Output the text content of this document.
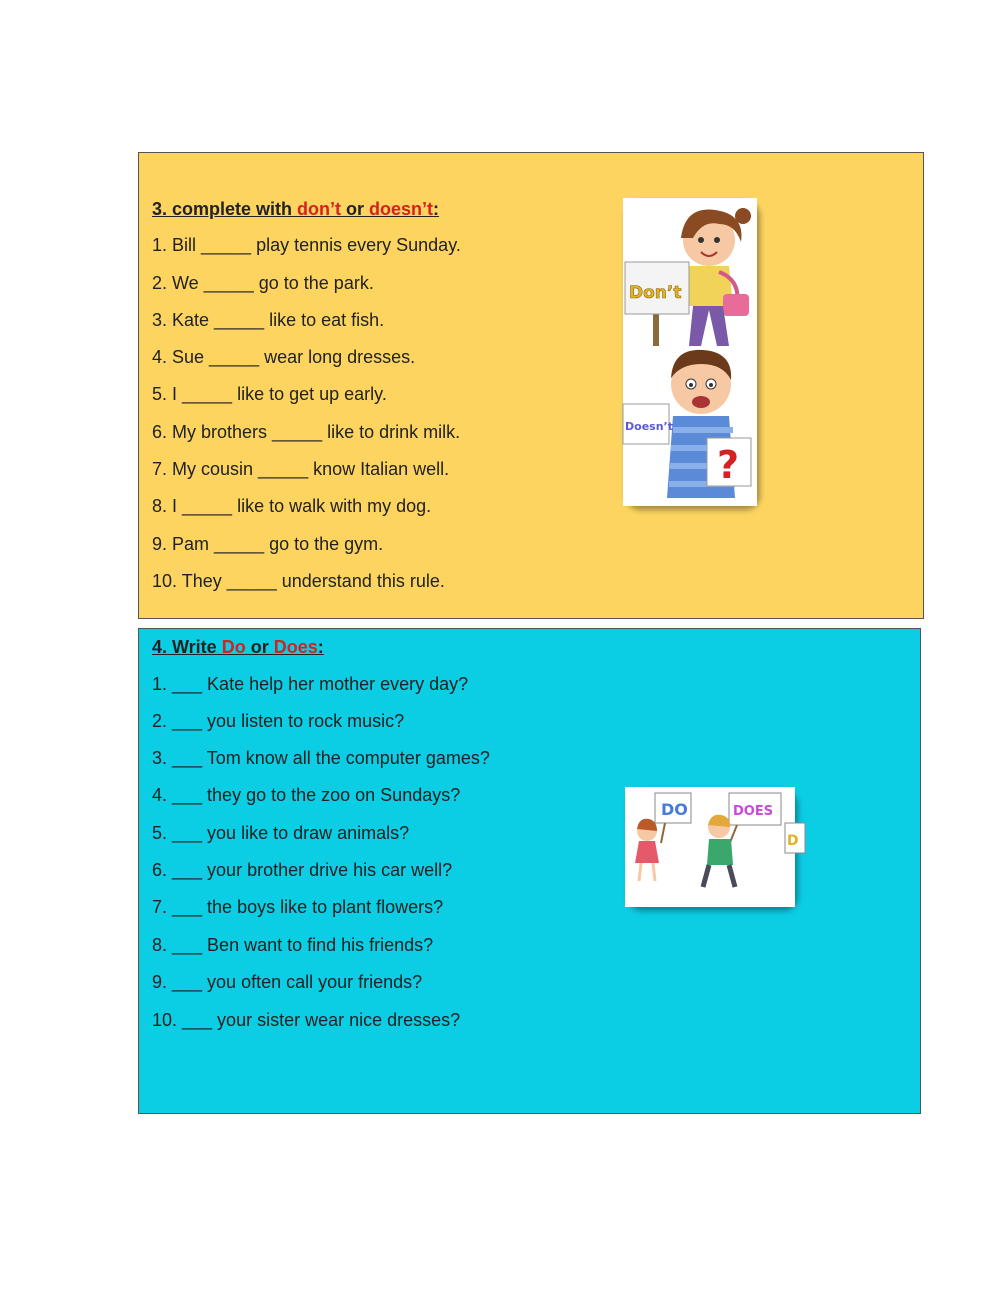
3. complete with don’t or doesn’t:
1. Bill _____ play tennis every Sunday.
2. We _____ go to the park.
3. Kate _____ like to eat fish.
4. Sue _____ wear long dresses.
5. I _____ like to get up early.
6. My brothers _____ like to drink milk.
7. My cousin _____ know Italian well.
8. I _____ like to walk with my dog.
9. Pam _____ go to the gym.
10. They _____ understand this rule.
Don’t
Doesn’t
?
4. Write Do or Does:
1. ___ Kate help her mother every day?
2. ___ you listen to rock music?
3. ___ Tom know all the computer games?
4. ___ they go to the zoo on Sundays?
5. ___ you like to draw animals?
6. ___ your brother drive his car well?
7. ___ the boys like to plant flowers?
8. ___ Ben want to find his friends?
9. ___ you often call your friends?
10. ___ your sister wear nice dresses?
DO	DOES
D
